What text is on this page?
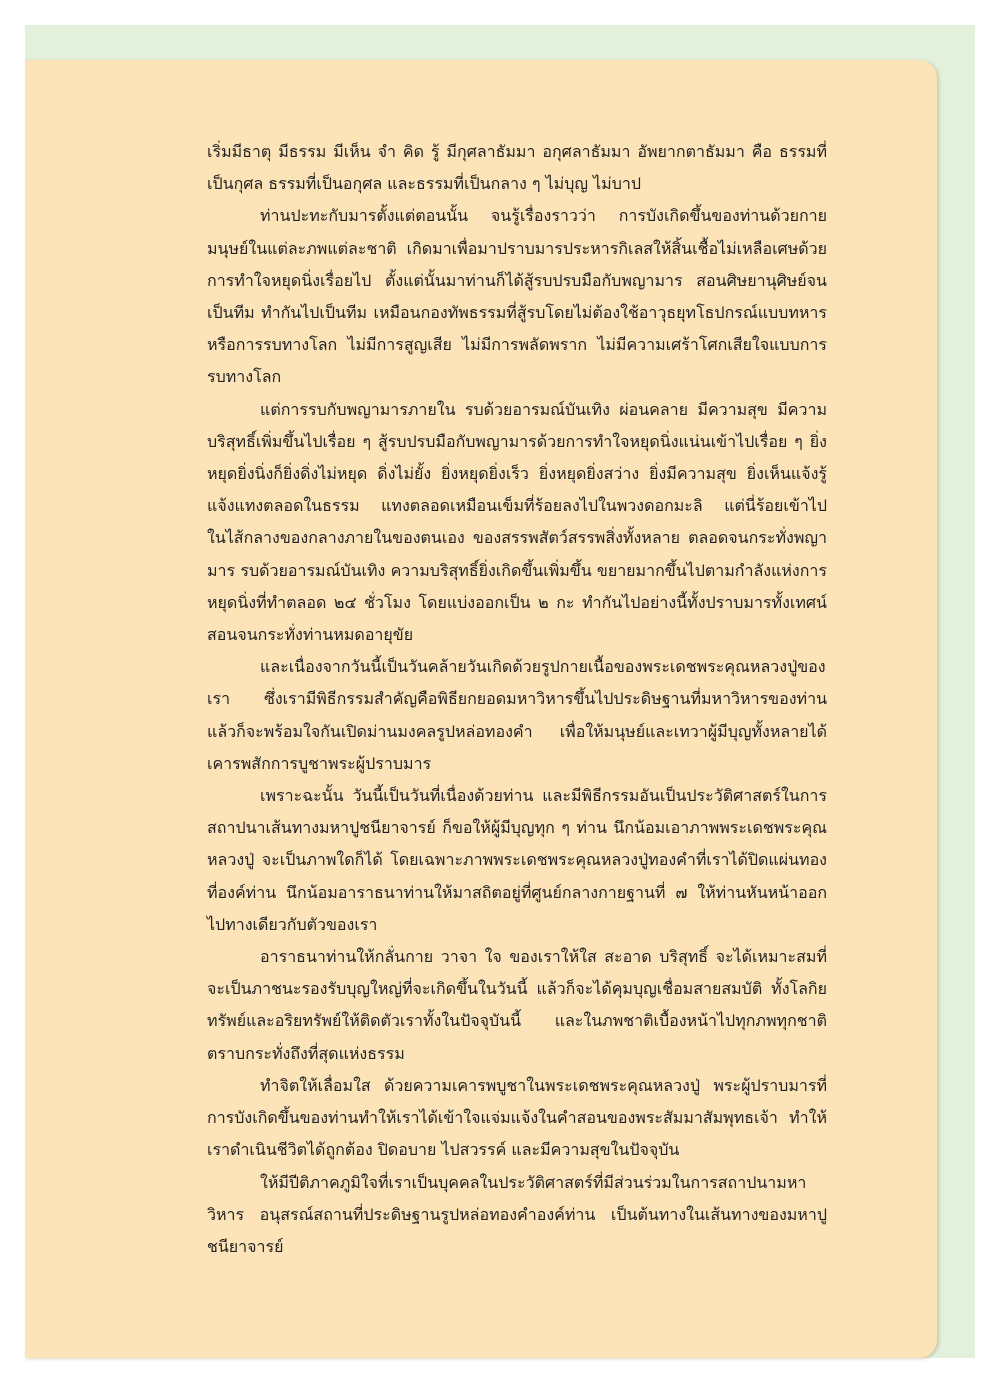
เริ่มมีธาตุ มีธรรม มีเห็น จำ คิด รู้ มีกุศลาธัมมา อกุศลาธัมมา อัพยากตาธัมมา คือ ธรรมที่เป็นกุศล ธรรมที่เป็นอกุศล และธรรมที่เป็นกลาง ๆ ไม่บุญ ไม่บาป

ท่านปะทะกับมารตั้งแต่ตอนนั้น จนรู้เรื่องราวว่า การบังเกิดขึ้นของท่านด้วยกายมนุษย์ในแต่ละภพแต่ละชาติ เกิดมาเพื่อมาปราบมารประหารกิเลสให้สิ้นเชื้อไม่เหลือเศษด้วยการทำใจหยุดนิ่งเรื่อยไป ตั้งแต่นั้นมาท่านก็ได้สู้รบปรบมือกับพญามาร สอนศิษยานุศิษย์จนเป็นทีม ทำกันไปเป็นทีม เหมือนกองทัพธรรมที่สู้รบโดยไม่ต้องใช้อาวุธยุทโธปกรณ์แบบทหาร หรือการรบทางโลก ไม่มีการสูญเสีย ไม่มีการพลัดพราก ไม่มีความเศร้าโศกเสียใจแบบการรบทางโลก

แต่การรบกับพญามารภายใน รบด้วยอารมณ์บันเทิง ผ่อนคลาย มีความสุข มีความบริสุทธิ์เพิ่มขึ้นไปเรื่อย ๆ สู้รบปรบมือกับพญามารด้วยการทำใจหยุดนิ่งแน่นเข้าไปเรื่อย ๆ ยิ่งหยุดยิ่งนิ่งก็ยิ่งดิ่งไม่หยุด ดิ่งไม่ยั้ง ยิ่งหยุดยิ่งเร็ว ยิ่งหยุดยิ่งสว่าง ยิ่งมีความสุข ยิ่งเห็นแจ้งรู้แจ้งแทงตลอดในธรรม แทงตลอดเหมือนเข็มที่ร้อยลงไปในพวงดอกมะลิ แต่นี่ร้อยเข้าไปในไส้กลางของกลางภายในของตนเอง ของสรรพสัตว์สรรพสิ่งทั้งหลาย ตลอดจนกระทั่งพญามาร รบด้วยอารมณ์บันเทิง ความบริสุทธิ์ยิ่งเกิดขึ้นเพิ่มขึ้น ขยายมากขึ้นไปตามกำลังแห่งการหยุดนิ่งที่ทำตลอด ๒๔ ชั่วโมง โดยแบ่งออกเป็น ๒ กะ ทำกันไปอย่างนี้ทั้งปราบมารทั้งเทศน์สอนจนกระทั่งท่านหมดอายุขัย

และเนื่องจากวันนี้เป็นวันคล้ายวันเกิดด้วยรูปกายเนื้อของพระเดชพระคุณหลวงปู่ของเรา ซึ่งเรามีพิธีกรรมสำคัญคือพิธียกยอดมหาวิหารขึ้นไปประดิษฐานที่มหาวิหารของท่าน แล้วก็จะพร้อมใจกันเปิดม่านมงคลรูปหล่อทองคำ เพื่อให้มนุษย์และเทวาผู้มีบุญทั้งหลายได้เคารพสักการบูชาพระผู้ปราบมาร

เพราะฉะนั้น วันนี้เป็นวันที่เนื่องด้วยท่าน และมีพิธีกรรมอันเป็นประวัติศาสตร์ในการสถาปนาเส้นทางมหาปูชนียาจารย์ ก็ขอให้ผู้มีบุญทุก ๆ ท่าน นึกน้อมเอาภาพพระเดชพระคุณหลวงปู่ จะเป็นภาพใดก็ได้ โดยเฉพาะภาพพระเดชพระคุณหลวงปู่ทองคำที่เราได้ปิดแผ่นทองที่องค์ท่าน นึกน้อมอาราธนาท่านให้มาสถิตอยู่ที่ศูนย์กลางกายฐานที่ ๗ ให้ท่านหันหน้าออกไปทางเดียวกับตัวของเรา

อาราธนาท่านให้กลั่นกาย วาจา ใจ ของเราให้ใส สะอาด บริสุทธิ์ จะได้เหมาะสมที่จะเป็นภาชนะรองรับบุญใหญ่ที่จะเกิดขึ้นในวันนี้ แล้วก็จะได้คุมบุญเชื่อมสายสมบัติ ทั้งโลกิยทรัพย์และอริยทรัพย์ให้ติดตัวเราทั้งในปัจจุบันนี้ และในภพชาติเบื้องหน้าไปทุกภพทุกชาติตราบกระทั่งถึงที่สุดแห่งธรรม

ทำจิตให้เลื่อมใส ด้วยความเคารพบูชาในพระเดชพระคุณหลวงปู่ พระผู้ปราบมารที่การบังเกิดขึ้นของท่านทำให้เราได้เข้าใจแจ่มแจ้งในคำสอนของพระสัมมาสัมพุทธเจ้า ทำให้เราดำเนินชีวิตได้ถูกต้อง ปิดอบาย ไปสวรรค์ และมีความสุขในปัจจุบัน

ให้มีปีติภาคภูมิใจที่เราเป็นบุคคลในประวัติศาสตร์ที่มีส่วนร่วมในการสถาปนามหาวิหาร อนุสรณ์สถานที่ประดิษฐานรูปหล่อทองคำองค์ท่าน เป็นต้นทางในเส้นทางของมหาปูชนียาจารย์
